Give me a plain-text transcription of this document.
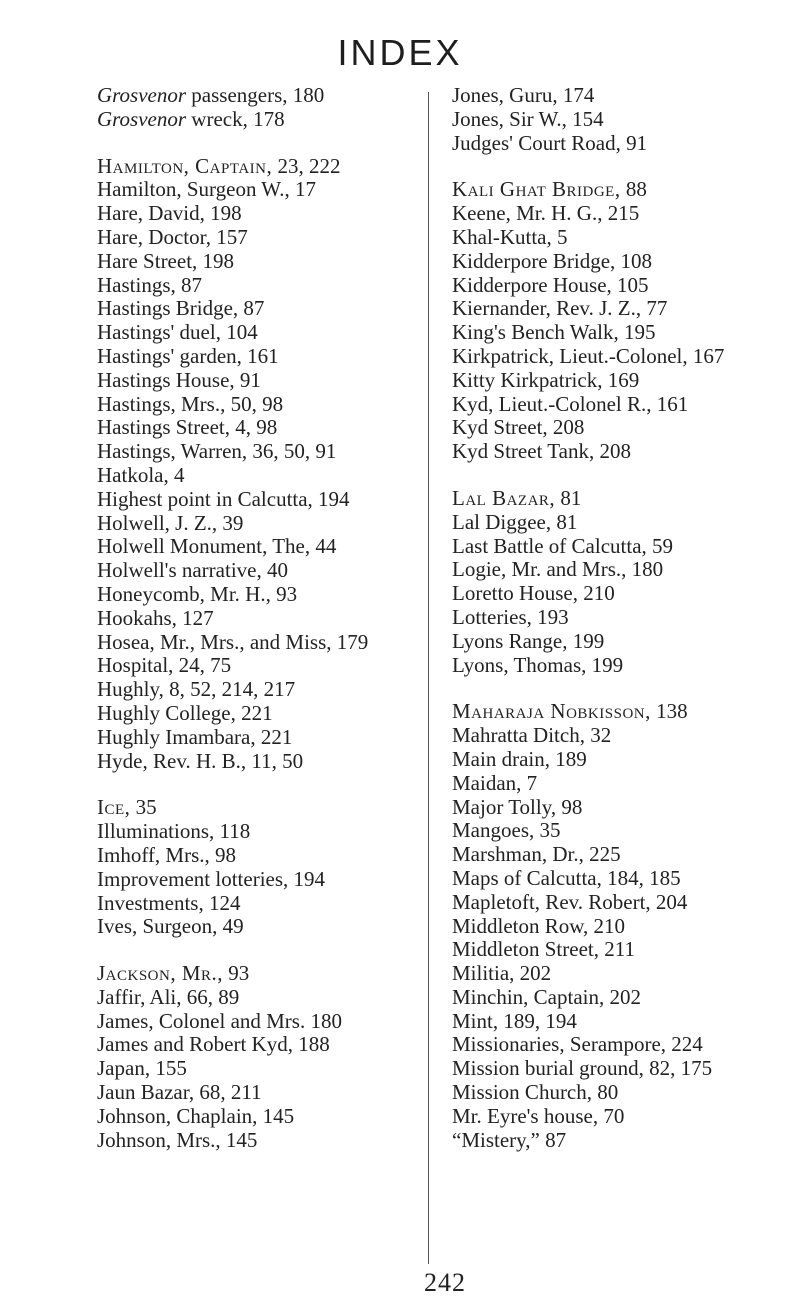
INDEX
Grosvenor passengers, 180
Grosvenor wreck, 178
Hamilton, Captain, 23, 222
Hamilton, Surgeon W., 17
Hare, David, 198
Hare, Doctor, 157
Hare Street, 198
Hastings, 87
Hastings Bridge, 87
Hastings' duel, 104
Hastings' garden, 161
Hastings House, 91
Hastings, Mrs., 50, 98
Hastings Street, 4, 98
Hastings, Warren, 36, 50, 91
Hatkola, 4
Highest point in Calcutta, 194
Holwell, J. Z., 39
Holwell Monument, The, 44
Holwell's narrative, 40
Honeycomb, Mr. H., 93
Hookahs, 127
Hosea, Mr., Mrs., and Miss, 179
Hospital, 24, 75
Hughly, 8, 52, 214, 217
Hughly College, 221
Hughly Imambara, 221
Hyde, Rev. H. B., 11, 50
Ice, 35
Illuminations, 118
Imhoff, Mrs., 98
Improvement lotteries, 194
Investments, 124
Ives, Surgeon, 49
Jackson, Mr., 93
Jaffir, Ali, 66, 89
James, Colonel and Mrs. 180
James and Robert Kyd, 188
Japan, 155
Jaun Bazar, 68, 211
Johnson, Chaplain, 145
Johnson, Mrs., 145
Jones, Guru, 174
Jones, Sir W., 154
Judges' Court Road, 91
Kali Ghat Bridge, 88
Keene, Mr. H. G., 215
Khal-Kutta, 5
Kidderpore Bridge, 108
Kidderpore House, 105
Kiernander, Rev. J. Z., 77
King's Bench Walk, 195
Kirkpatrick, Lieut.-Colonel, 167
Kitty Kirkpatrick, 169
Kyd, Lieut.-Colonel R., 161
Kyd Street, 208
Kyd Street Tank, 208
Lal Bazar, 81
Lal Diggee, 81
Last Battle of Calcutta, 59
Logie, Mr. and Mrs., 180
Loretto House, 210
Lotteries, 193
Lyons Range, 199
Lyons, Thomas, 199
Maharaja Nobkisson, 138
Mahratta Ditch, 32
Main drain, 189
Maidan, 7
Major Tolly, 98
Mangoes, 35
Marshman, Dr., 225
Maps of Calcutta, 184, 185
Mapletoft, Rev. Robert, 204
Middleton Row, 210
Middleton Street, 211
Militia, 202
Minchin, Captain, 202
Mint, 189, 194
Missionaries, Serampore, 224
Mission burial ground, 82, 175
Mission Church, 80
Mr. Eyre's house, 70
“Mistery,” 87
242
